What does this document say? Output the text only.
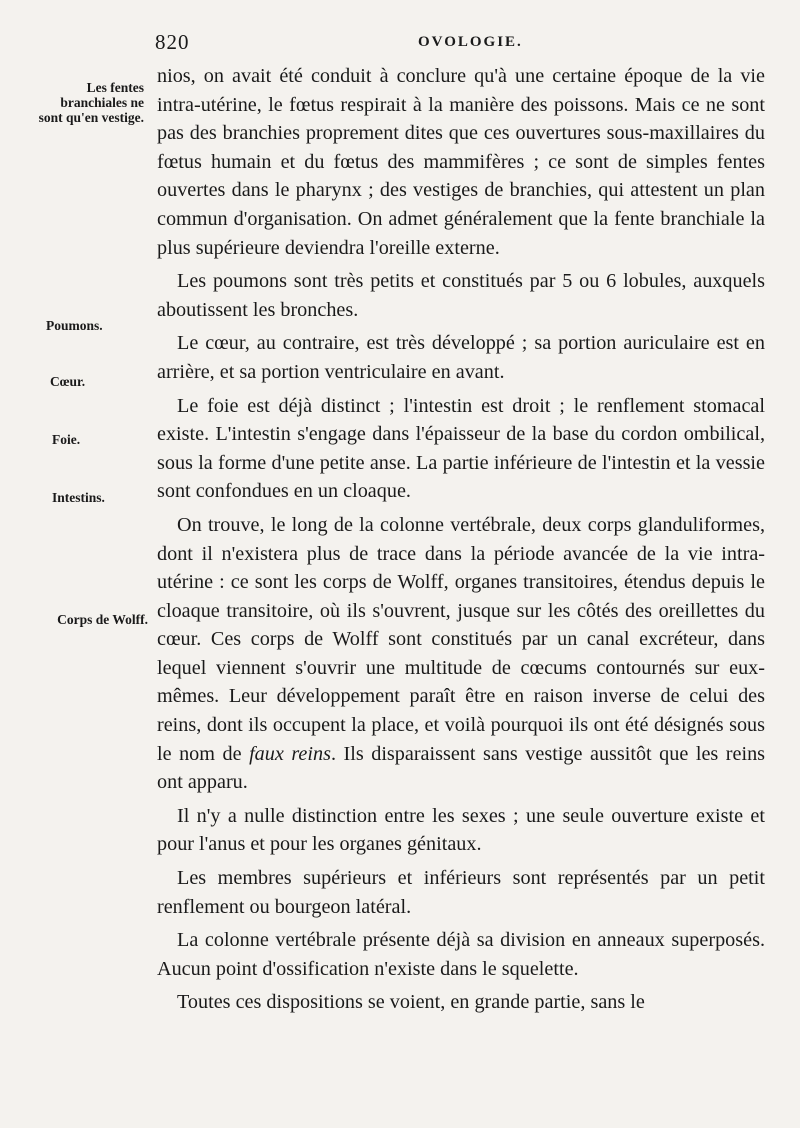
820	OVOLOGIE.
Les fentes branchiales ne sont qu'en vestige.
Poumons.
Cœur.
Foie.
Intestins.
Corps de Wolff.

nios, on avait été conduit à conclure qu'à une certaine époque de la vie intra-utérine, le fœtus respirait à la manière des poissons. Mais ce ne sont pas des branchies proprement dites que ces ouvertures sous-maxillaires du fœtus humain et du fœtus des mammifères ; ce sont de simples fentes ouvertes dans le pharynx ; des vestiges de branchies, qui attestent un plan commun d'organisation. On admet généralement que la fente branchiale la plus supérieure deviendra l'oreille externe.

Les poumons sont très petits et constitués par 5 ou 6 lobules, auxquels aboutissent les bronches.

Le cœur, au contraire, est très développé ; sa portion auriculaire est en arrière, et sa portion ventriculaire en avant.

Le foie est déjà distinct ; l'intestin est droit ; le renflement stomacal existe. L'intestin s'engage dans l'épaisseur de la base du cordon ombilical, sous la forme d'une petite anse. La partie inférieure de l'intestin et la vessie sont confondues en un cloaque.

On trouve, le long de la colonne vertébrale, deux corps glanduliformes, dont il n'existera plus de trace dans la période avancée de la vie intra-utérine : ce sont les corps de Wolff, organes transitoires, étendus depuis le cloaque transitoire, où ils s'ouvrent, jusque sur les côtés des oreillettes du cœur. Ces corps de Wolff sont constitués par un canal excréteur, dans lequel viennent s'ouvrir une multitude de cœcums contournés sur eux-mêmes. Leur développement paraît être en raison inverse de celui des reins, dont ils occupent la place, et voilà pourquoi ils ont été désignés sous le nom de faux reins. Ils disparaissent sans vestige aussitôt que les reins ont apparu.

Il n'y a nulle distinction entre les sexes ; une seule ouverture existe et pour l'anus et pour les organes génitaux.

Les membres supérieurs et inférieurs sont représentés par un petit renflement ou bourgeon latéral.

La colonne vertébrale présente déjà sa division en anneaux superposés. Aucun point d'ossification n'existe dans le squelette.

Toutes ces dispositions se voient, en grande partie, sans le
